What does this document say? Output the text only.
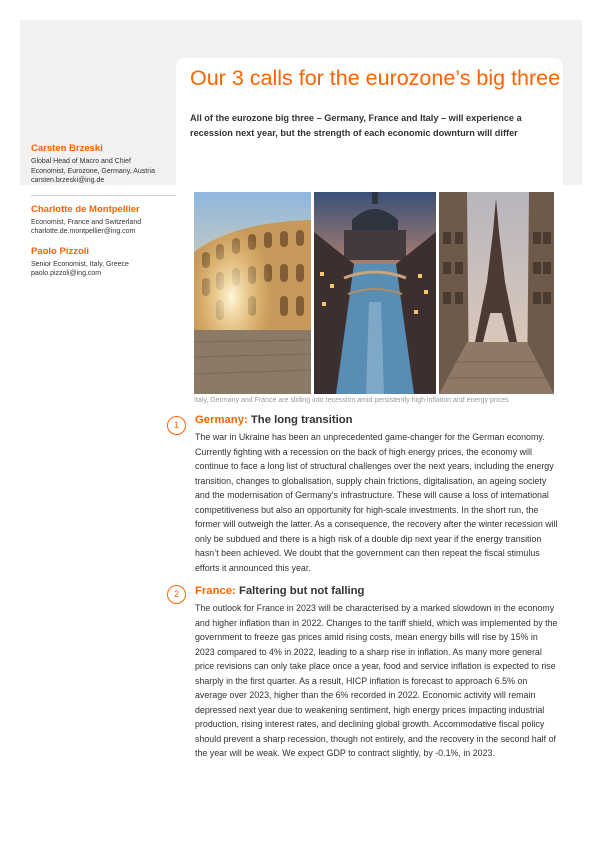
Our 3 calls for the eurozone’s big three
All of the eurozone big three – Germany, France and Italy – will experience a recession next year, but the strength of each economic downturn will differ
Carsten Brzeski
Global Head of Macro and Chief
Economist, Eurozone, Germany, Austria
carsten.brzeski@ing.de
Charlotte de Montpellier
Economist, France and Switzerland
charlotte.de.montpellier@ing.com
Paolo Pizzoli
Senior Economist, Italy, Greece
paolo.pizzoli@ing.com
Italy, Germany and France are sliding into recession amid persistently high inflation and energy prices
1	Germany: The long transition
The war in Ukraine has been an unprecedented game-changer for the German economy. Currently fighting with a recession on the back of high energy prices, the economy will continue to face a long list of structural challenges over the next years, including the energy transition, changes to globalisation, supply chain frictions, digitalisation, an ageing society and the modernisation of Germany’s infrastructure. These will cause a loss of international competitiveness but also an opportunity for high-scale investments. In the short run, the former will outweigh the latter. As a consequence, the recovery after the winter recession will only be subdued and there is a high risk of a double dip next year if the energy transition hasn’t been achieved. We doubt that the government can then repeat the fiscal stimulus efforts it announced this year.
2	France: Faltering but not falling
The outlook for France in 2023 will be characterised by a marked slowdown in the economy and higher inflation than in 2022. Changes to the tariff shield, which was implemented by the government to freeze gas prices amid rising costs, mean energy bills will rise by 15% in 2023 compared to 4% in 2022, leading to a sharp rise in inflation. As many more general price revisions can only take place once a year, food and service inflation is expected to rise sharply in the first quarter. As a result, HICP inflation is forecast to approach 6.5% on average over 2023, higher than the 6% recorded in 2022. Economic activity will remain depressed next year due to weakening sentiment, high energy prices impacting industrial production, rising interest rates, and declining global growth. Accommodative fiscal policy should prevent a sharp recession, though not entirely, and the recovery in the second half of the year will be weak. We expect GDP to contract slightly, by -0.1%, in 2023.
